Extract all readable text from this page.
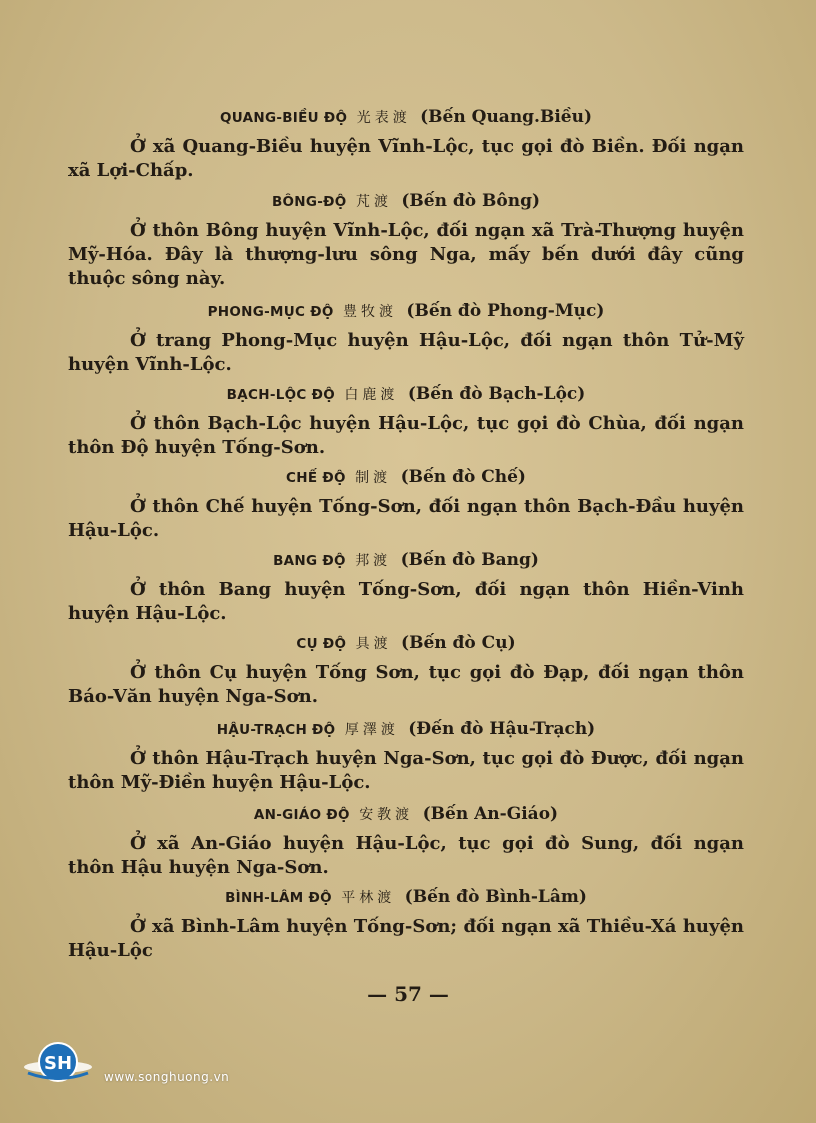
QUANG-BIỀU ĐỘ 光表渡 (Bến Quang.Biều)
Ở xã Quang-Biều huyện Vĩnh-Lộc, tục gọi đò Biền. Đối ngạn xã Lợi-Chấp.
BÔNG-ĐỘ 芃渡 (Bến đò Bông)
Ở thôn Bông huyện Vĩnh-Lộc, đối ngạn xã Trà-Thượng huyện Mỹ-Hóa. Đây là thượng-lưu sông Nga, mấy bến dưới đây cũng thuộc sông này.
PHONG-MỤC ĐỘ 豊牧渡 (Bến đò Phong-Mục)
Ở trang Phong-Mục huyện Hậu-Lộc, đối ngạn thôn Tử-Mỹ huyện Vĩnh-Lộc.
BẠCH-LỘC ĐỘ 白鹿渡 (Bến đò Bạch-Lộc)
Ở thôn Bạch-Lộc huyện Hậu-Lộc, tục gọi đò Chùa, đối ngạn thôn Độ huyện Tống-Sơn.
CHẾ ĐỘ 制渡 (Bến đò Chế)
Ở thôn Chế huyện Tống-Sơn, đối ngạn thôn Bạch-Đầu huyện Hậu-Lộc.
BANG ĐỘ 邦渡 (Bến đò Bang)
Ở thôn Bang huyện Tống-Sơn, đối ngạn thôn Hiền-Vinh huyện Hậu-Lộc.
CỤ ĐỘ 具渡 (Bến đò Cụ)
Ở thôn Cụ huyện Tống Sơn, tục gọi đò Đạp, đối ngạn thôn Báo-Văn huyện Nga-Sơn.
HẬU-TRẠCH ĐỘ 厚澤渡 (Đến đò Hậu-Trạch)
Ở thôn Hậu-Trạch huyện Nga-Sơn, tục gọi đò Được, đối ngạn thôn Mỹ-Điền huyện Hậu-Lộc.
AN-GIÁO ĐỘ 安教渡 (Bến An-Giáo)
Ở xã An-Giáo huyện Hậu-Lộc, tục gọi đò Sung, đối ngạn thôn Hậu huyện Nga-Sơn.
BÌNH-LÂM ĐỘ 平林渡 (Bến đò Bình-Lâm)
Ở xã Bình-Lâm huyện Tống-Sơn; đối ngạn xã Thiều-Xá huyện Hậu-Lộc
— 57 —
SH
www.songhuong.vn
